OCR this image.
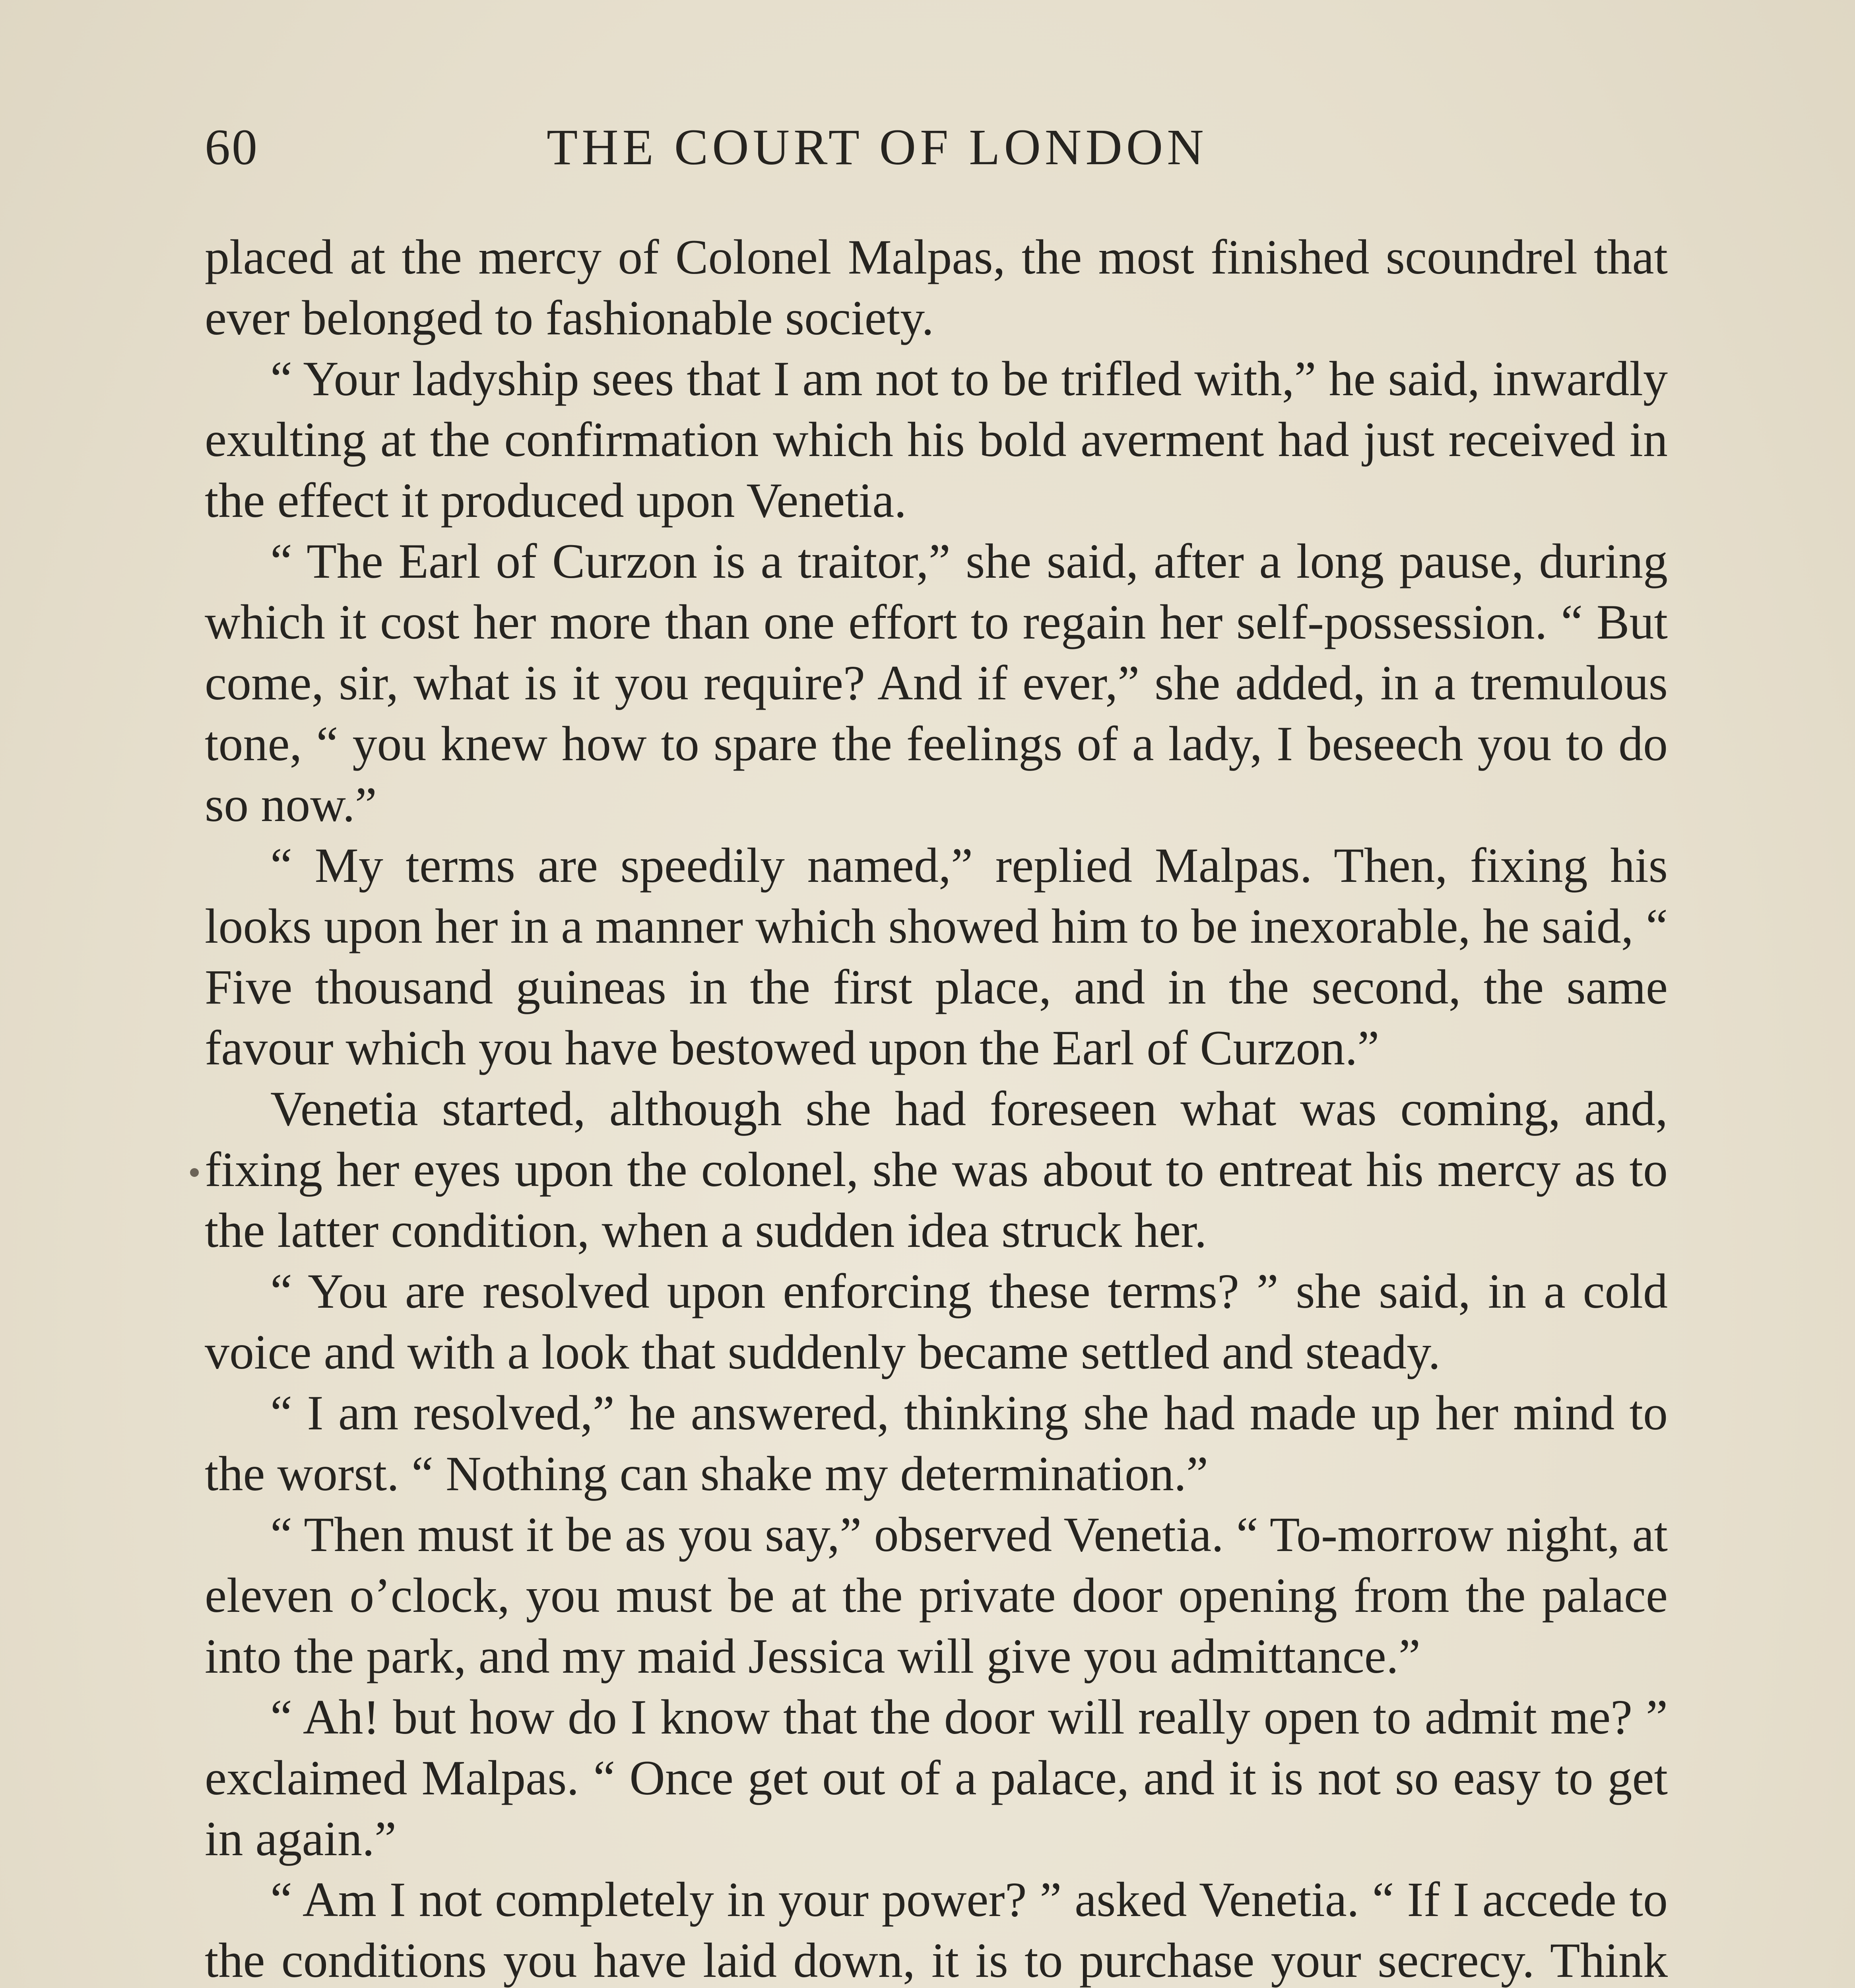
60	THE COURT OF LONDON

placed at the mercy of Colonel Malpas, the most finished scoundrel that ever belonged to fashionable society.

“ Your ladyship sees that I am not to be trifled with,” he said, inwardly exulting at the confirmation which his bold averment had just received in the effect it produced upon Venetia.

“ The Earl of Curzon is a traitor,” she said, after a long pause, during which it cost her more than one effort to regain her self-possession. “ But come, sir, what is it you require? And if ever,” she added, in a tremulous tone, “ you knew how to spare the feelings of a lady, I beseech you to do so now.”

“ My terms are speedily named,” replied Malpas. Then, fixing his looks upon her in a manner which showed him to be inexorable, he said, “ Five thousand guineas in the first place, and in the second, the same favour which you have bestowed upon the Earl of Curzon.”

Venetia started, although she had foreseen what was coming, and, fixing her eyes upon the colonel, she was about to entreat his mercy as to the latter condition, when a sudden idea struck her.

“ You are resolved upon enforcing these terms? ” she said, in a cold voice and with a look that suddenly became settled and steady.

“ I am resolved,” he answered, thinking she had made up her mind to the worst. “ Nothing can shake my determination.”

“ Then must it be as you say,” observed Venetia. “ To-morrow night, at eleven o’clock, you must be at the private door opening from the palace into the park, and my maid Jessica will give you admittance.”

“ Ah! but how do I know that the door will really open to admit me? ” exclaimed Malpas. “ Once get out of a palace, and it is not so easy to get in again.”

“ Am I not completely in your power? ” asked Venetia. “ If I accede to the conditions you have laid down, it is to purchase your secrecy. Think
